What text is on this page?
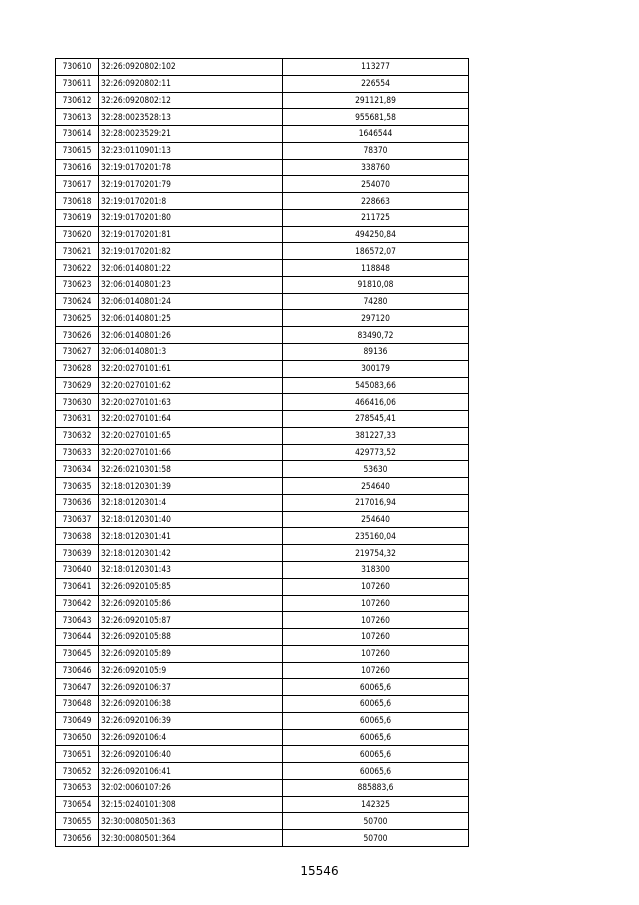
730610	32:26:0920802:102	113277
730611	32:26:0920802:11	226554
730612	32:26:0920802:12	291121,89
730613	32:28:0023528:13	955681,58
730614	32:28:0023529:21	1646544
730615	32:23:0110901:13	78370
730616	32:19:0170201:78	338760
730617	32:19:0170201:79	254070
730618	32:19:0170201:8	228663
730619	32:19:0170201:80	211725
730620	32:19:0170201:81	494250,84
730621	32:19:0170201:82	186572,07
730622	32:06:0140801:22	118848
730623	32:06:0140801:23	91810,08
730624	32:06:0140801:24	74280
730625	32:06:0140801:25	297120
730626	32:06:0140801:26	83490,72
730627	32:06:0140801:3	89136
730628	32:20:0270101:61	300179
730629	32:20:0270101:62	545083,66
730630	32:20:0270101:63	466416,06
730631	32:20:0270101:64	278545,41
730632	32:20:0270101:65	381227,33
730633	32:20:0270101:66	429773,52
730634	32:26:0210301:58	53630
730635	32:18:0120301:39	254640
730636	32:18:0120301:4	217016,94
730637	32:18:0120301:40	254640
730638	32:18:0120301:41	235160,04
730639	32:18:0120301:42	219754,32
730640	32:18:0120301:43	318300
730641	32:26:0920105:85	107260
730642	32:26:0920105:86	107260
730643	32:26:0920105:87	107260
730644	32:26:0920105:88	107260
730645	32:26:0920105:89	107260
730646	32:26:0920105:9	107260
730647	32:26:0920106:37	60065,6
730648	32:26:0920106:38	60065,6
730649	32:26:0920106:39	60065,6
730650	32:26:0920106:4	60065,6
730651	32:26:0920106:40	60065,6
730652	32:26:0920106:41	60065,6
730653	32:02:0060107:26	885883,6
730654	32:15:0240101:308	142325
730655	32:30:0080501:363	50700
730656	32:30:0080501:364	50700
15546
